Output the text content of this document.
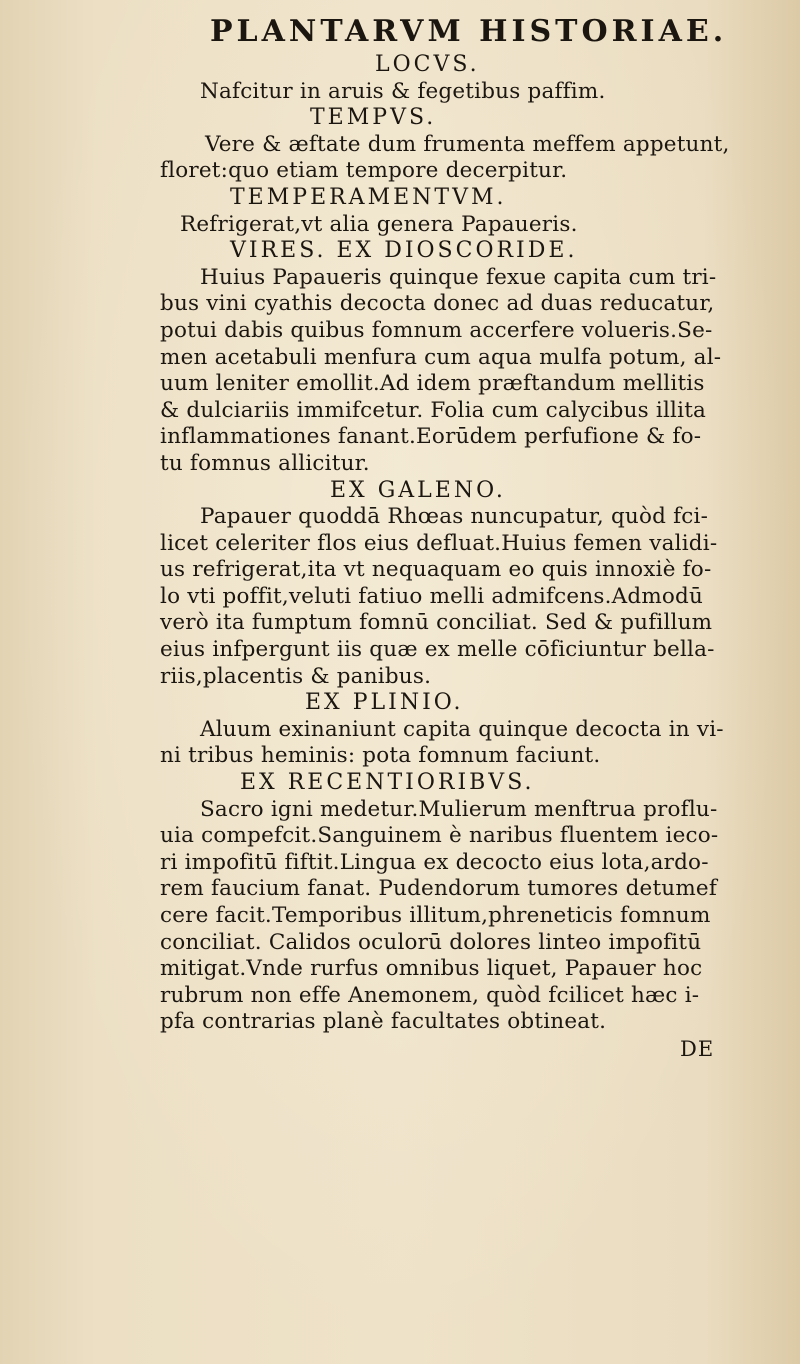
PLANTARVM HISTORIAE.
LOCVS.
Nafcitur in aruis & fegetibus paffim.
TEMPVS.
Vere & æftate dum frumenta meffem appetunt,
floret:quo etiam tempore decerpitur.
TEMPERAMENTVM.
Refrigerat,vt alia genera Papaueris.
VIRES. EX DIOSCORIDE.
Huius Papaueris quinque fexue capita cum tri-
bus vini cyathis decocta donec ad duas reducatur,
potui dabis quibus fomnum accerfere volueris.Se-
men acetabuli menfura cum aqua mulfa potum, al-
uum leniter emollit.Ad idem præftandum mellitis
& dulciariis immifcetur. Folia cum calycibus illita
inflammationes fanant.Eorūdem perfufione & fo-
tu fomnus allicitur.
EX GALENO.
Papauer quoddā Rhœas nuncupatur, quòd fci-
licet celeriter flos eius defluat.Huius femen validi-
us refrigerat,ita vt nequaquam eo quis innoxiè fo-
lo vti poffit,veluti fatiuo melli admifcens.Admodū
verò ita fumptum fomnū conciliat. Sed & pufillum
eius infpergunt iis quæ ex melle cōficiuntur bella-
riis,placentis & panibus.
EX PLINIO.
Aluum exinaniunt capita quinque decocta in vi-
ni tribus heminis: pota fomnum faciunt.
EX RECENTIORIBVS.
Sacro igni medetur.Mulierum menftrua proflu-
uia compefcit.Sanguinem è naribus fluentem ieco-
ri impofitū fiftit.Lingua ex decocto eius lota,ardo-
rem faucium fanat. Pudendorum tumores detumef
cere facit.Temporibus illitum,phreneticis fomnum
conciliat. Calidos oculorū dolores linteo impofitū
mitigat.Vnde rurfus omnibus liquet, Papauer hoc
rubrum non effe Anemonem, quòd fcilicet hæc i-
pfa contrarias planè facultates obtineat.
DE
